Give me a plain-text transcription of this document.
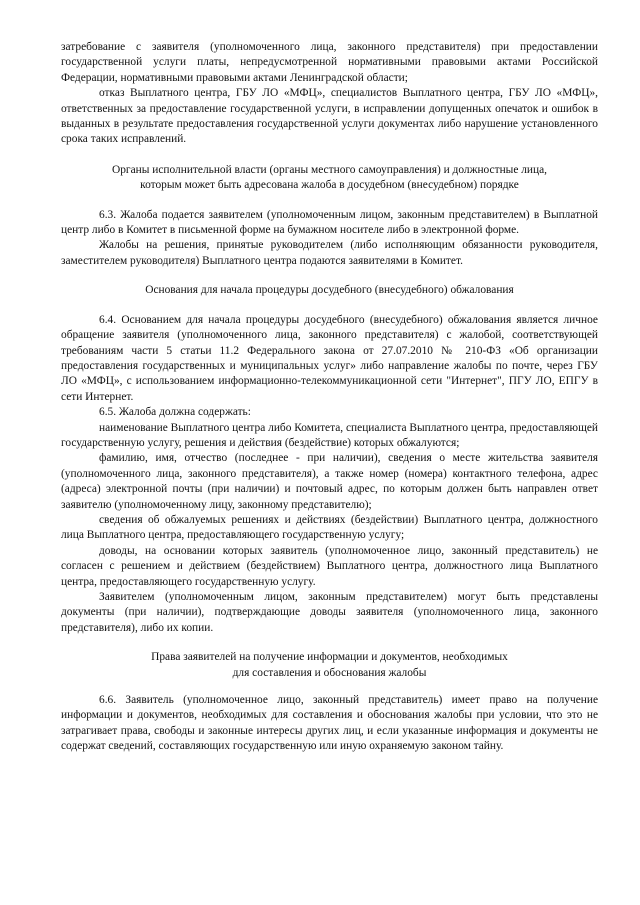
затребование с заявителя (уполномоченного лица, законного представителя) при предоставлении государственной услуги платы, непредусмотренной нормативными правовыми актами Российской Федерации, нормативными правовыми актами Ленинградской области;

отказ Выплатного центра, ГБУ ЛО «МФЦ», специалистов Выплатного центра, ГБУ ЛО «МФЦ», ответственных за предоставление государственной услуги, в исправлении допущенных опечаток и ошибок в выданных в результате предоставления государственной услуги документах либо нарушение установленного срока таких исправлений.

Органы исполнительной власти (органы местного самоуправления) и должностные лица,
которым может быть адресована жалоба в досудебном (внесудебном) порядке

6.3. Жалоба подается заявителем (уполномоченным лицом, законным представителем) в Выплатной центр либо в Комитет в письменной форме на бумажном носителе либо в электронной форме.

Жалобы на решения, принятые руководителем (либо исполняющим обязанности руководителя, заместителем руководителя) Выплатного центра подаются заявителями в Комитет.

Основания для начала процедуры досудебного (внесудебного) обжалования

6.4. Основанием для начала процедуры досудебного (внесудебного) обжалования является личное обращение заявителя (уполномоченного лица, законного представителя) с жалобой, соответствующей требованиям части 5 статьи 11.2 Федерального закона от 27.07.2010 № 210-ФЗ «Об организации предоставления государственных и муниципальных услуг» либо направление жалобы по почте, через ГБУ ЛО «МФЦ», с использованием информационно-телекоммуникационной сети "Интернет", ПГУ ЛО, ЕПГУ в сети Интернет.

6.5. Жалоба должна содержать:

наименование Выплатного центра либо Комитета, специалиста Выплатного центра, предоставляющей государственную услугу, решения и действия (бездействие) которых обжалуются;

фамилию, имя, отчество (последнее - при наличии), сведения о месте жительства заявителя (уполномоченного лица, законного представителя), а также номер (номера) контактного телефона, адрес (адреса) электронной почты (при наличии) и почтовый адрес, по которым должен быть направлен ответ заявителю (уполномоченному лицу, законному представителю);

сведения об обжалуемых решениях и действиях (бездействии) Выплатного центра, должностного лица Выплатного центра, предоставляющего государственную услугу;

доводы, на основании которых заявитель (уполномоченное лицо, законный представитель) не согласен с решением и действием (бездействием) Выплатного центра, должностного лица Выплатного центра, предоставляющего государственную услугу.

Заявителем (уполномоченным лицом, законным представителем) могут быть представлены документы (при наличии), подтверждающие доводы заявителя (уполномоченного лица, законного представителя), либо их копии.

Права заявителей на получение информации и документов, необходимых
для составления и обоснования жалобы

6.6. Заявитель (уполномоченное лицо, законный представитель) имеет право на получение информации и документов, необходимых для составления и обоснования жалобы при условии, что это не затрагивает права, свободы и законные интересы других лиц, и если указанные информация и документы не содержат сведений, составляющих государственную или иную охраняемую законом тайну.
